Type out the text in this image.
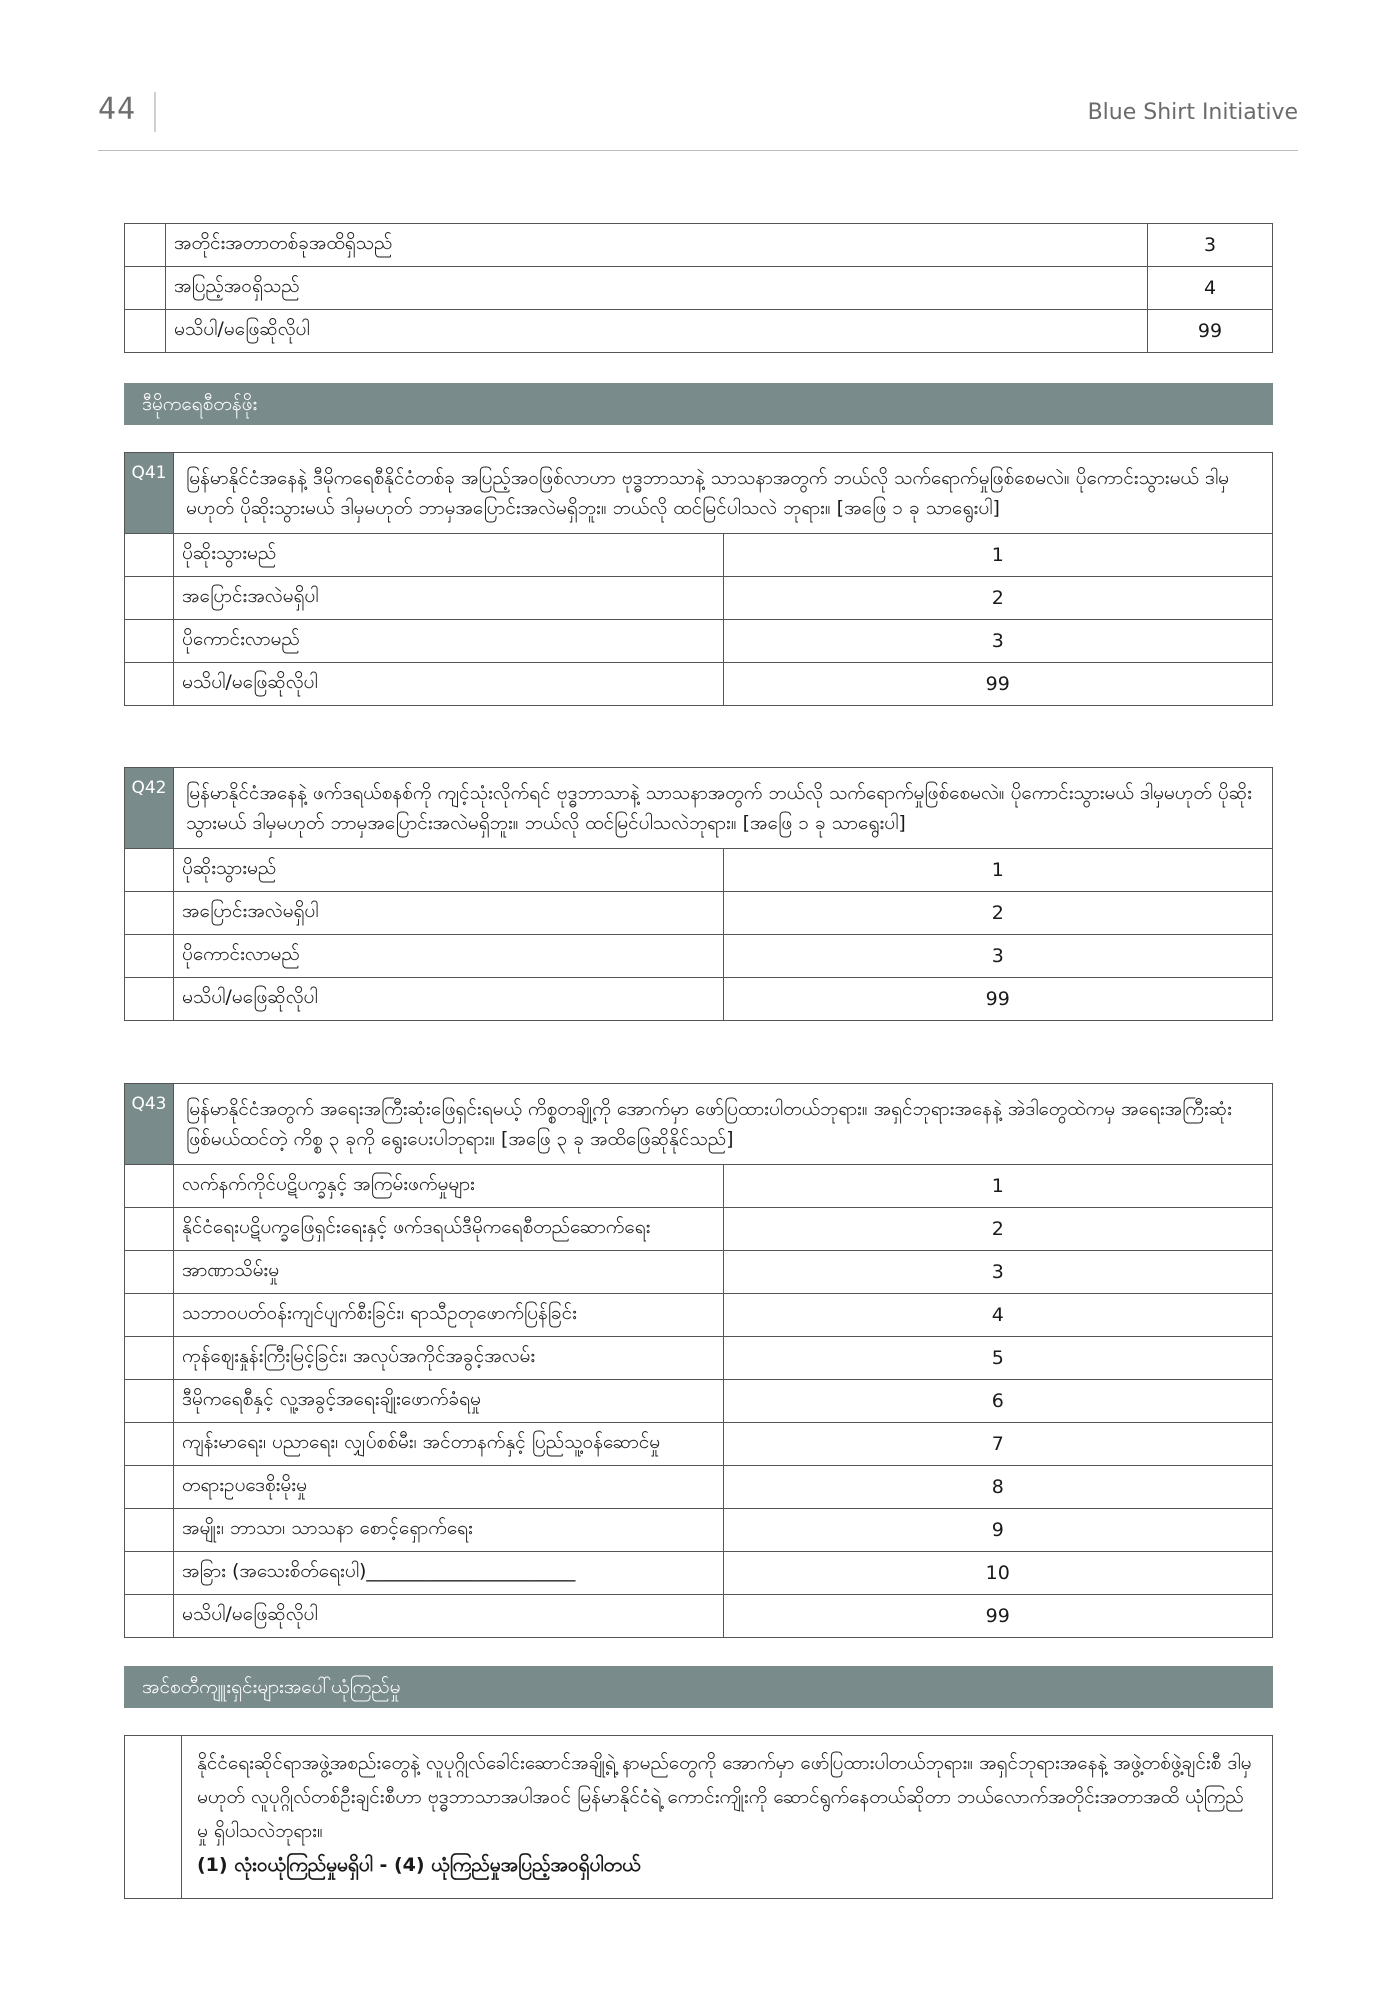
44	Blue Shirt Initiative
	အတိုင်းအတာတစ်ခုအထိရှိသည်	3
	အပြည့်အဝရှိသည်	4
	မသိပါ/မဖြေဆိုလိုပါ	99
ဒီမိုကရေစီတန်ဖိုး
Q41	မြန်မာနိုင်ငံအနေနဲ့ ဒီမိုကရေစီနိုင်ငံတစ်ခု အပြည့်အဝဖြစ်လာဟာ ဗုဒ္ဓဘာသာနဲ့ သာသနာအတွက် ဘယ်လို သက်ရောက်မှုဖြစ်စေမလဲ။ ပိုကောင်းသွားမယ် ဒါမှမဟုတ် ပိုဆိုးသွားမယ် ဒါမှမဟုတ် ဘာမှအပြောင်းအလဲမရှိဘူး။ ဘယ်လို ထင်မြင်ပါသလဲ ဘုရား။ [အဖြေ ၁ ခု သာရွေးပါ]	
	ပိုဆိုးသွားမည်	1
	အပြောင်းအလဲမရှိပါ	2
	ပိုကောင်းလာမည်	3
	မသိပါ/မဖြေဆိုလိုပါ	99
Q42	မြန်မာနိုင်ငံအနေနဲ့ ဖက်ဒရယ်စနစ်ကို ကျင့်သုံးလိုက်ရင် ဗုဒ္ဓဘာသာနဲ့ သာသနာအတွက် ဘယ်လို သက်ရောက်မှုဖြစ်စေမလဲ။ ပိုကောင်းသွားမယ် ဒါမှမဟုတ် ပိုဆိုးသွားမယ် ဒါမှမဟုတ် ဘာမှအပြောင်းအလဲမရှိဘူး။ ဘယ်လို ထင်မြင်ပါသလဲဘုရား။ [အဖြေ ၁ ခု သာရွေးပါ]	
	ပိုဆိုးသွားမည်	1
	အပြောင်းအလဲမရှိပါ	2
	ပိုကောင်းလာမည်	3
	မသိပါ/မဖြေဆိုလိုပါ	99
Q43	မြန်မာနိုင်ငံအတွက် အရေးအကြီးဆုံးဖြေရှင်းရမယ့် ကိစ္စတချို့ကို အောက်မှာ ဖော်ပြထားပါတယ်ဘုရား။ အရှင်ဘုရားအနေနဲ့ အဲဒါတွေထဲကမှ အရေးအကြီးဆုံး ဖြစ်မယ်ထင်တဲ့ ကိစ္စ ၃ ခုကို ရွေးပေးပါဘုရား။ [အဖြေ ၃ ခု အထိဖြေဆိုနိုင်သည်]	
	လက်နက်ကိုင်ပဋိပက္ခနှင့် အကြမ်းဖက်မှုများ	1
	နိုင်ငံရေးပဋိပက္ခဖြေရှင်းရေးနှင့် ဖက်ဒရယ်ဒီမိုကရေစီတည်ဆောက်ရေး	2
	အာဏာသိမ်းမှု	3
	သဘာဝပတ်ဝန်းကျင်ပျက်စီးခြင်း၊ ရာသီဥတုဖောက်ပြန်ခြင်း	4
	ကုန်ဈေးနှုန်းကြီးမြင့်ခြင်း၊ အလုပ်အကိုင်အခွင့်အလမ်း	5
	ဒီမိုကရေစီနှင့် လူ့အခွင့်အရေးချိုးဖောက်ခံရမှု	6
	ကျန်းမာရေး၊ ပညာရေး၊ လျှပ်စစ်မီး၊ အင်တာနက်နှင့် ပြည်သူ့ဝန်ဆောင်မှု	7
	တရားဥပဒေစိုးမိုးမှု	8
	အမျိုး၊ ဘာသာ၊ သာသနာ စောင့်ရှောက်ရေး	9
	အခြား (အသေးစိတ်ရေးပါ)______________________	10
	မသိပါ/မဖြေဆိုလိုပါ	99
အင်စတီကျူးရှင်းများအပေါ်ယုံကြည်မှု
နိုင်ငံရေးဆိုင်ရာအဖွဲ့အစည်းတွေနဲ့ လူပုဂ္ဂိုလ်ခေါင်းဆောင်အချို့ရဲ့ နာမည်တွေကို အောက်မှာ ဖော်ပြထားပါတယ်ဘုရား။ အရှင်ဘုရားအနေနဲ့ အဖွဲ့တစ်ဖွဲ့ချင်းစီ ဒါမှမဟုတ် လူပုဂ္ဂိုလ်တစ်ဦးချင်းစီဟာ ဗုဒ္ဓဘာသာအပါအဝင် မြန်မာနိုင်ငံရဲ့ ကောင်းကျိုးကို ဆောင်ရွက်နေတယ်ဆိုတာ ဘယ်လောက်အတိုင်းအတာအထိ ယုံကြည်မှု ရှိပါသလဲဘုရား။
(1) လုံးဝယုံကြည်မှုမရှိပါ - (4) ယုံကြည်မှုအပြည့်အဝရှိပါတယ်
